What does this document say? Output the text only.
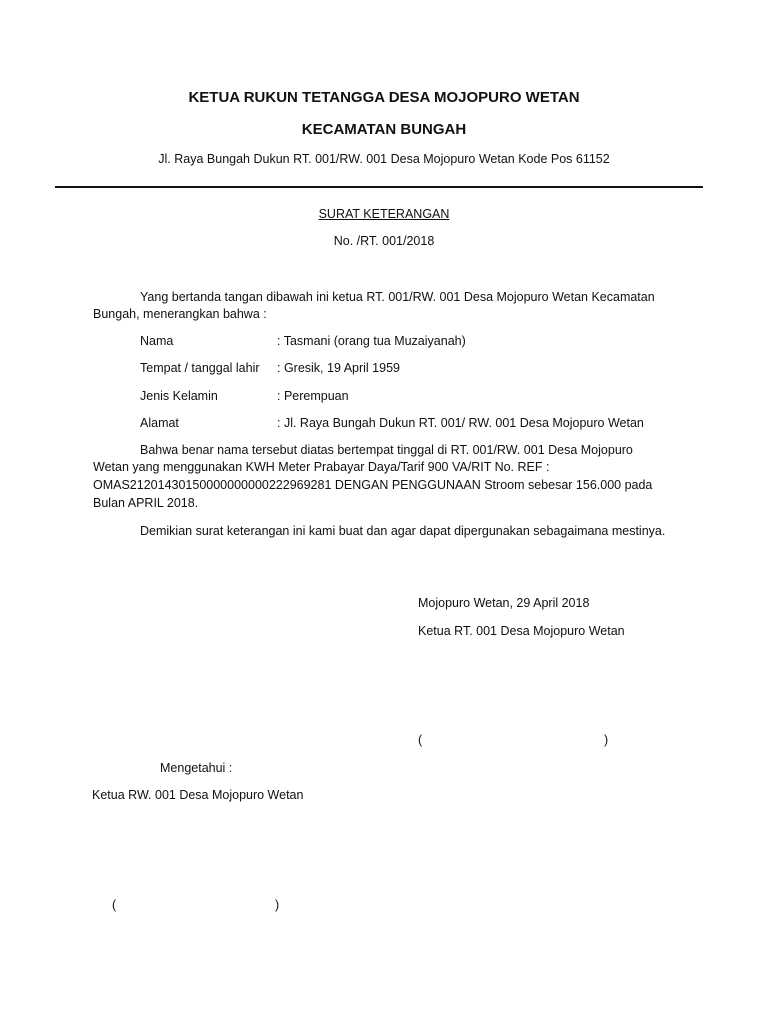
KETUA RUKUN TETANGGA DESA MOJOPURO WETAN
KECAMATAN BUNGAH
Jl. Raya Bungah Dukun RT. 001/RW. 001 Desa Mojopuro Wetan Kode Pos 61152
SURAT KETERANGAN
No. /RT. 001/2018
Yang bertanda tangan dibawah ini ketua RT. 001/RW. 001 Desa Mojopuro Wetan Kecamatan Bungah, menerangkan bahwa :
Nama	: Tasmani (orang tua Muzaiyanah)
Tempat / tanggal lahir : Gresik, 19 April 1959
Jenis Kelamin	: Perempuan
Alamat	: Jl. Raya Bungah Dukun RT. 001/ RW. 001 Desa Mojopuro Wetan
Bahwa benar nama tersebut diatas bertempat tinggal di RT. 001/RW. 001 Desa Mojopuro
Wetan yang menggunakan KWH Meter Prabayar Daya/Tarif 900 VA/RIT No. REF :
OMAS21201430150000000000222969281 DENGAN PENGGUNAAN Stroom sebesar 156.000 pada
Bulan APRIL 2018.
Demikian surat keterangan ini kami buat dan agar dapat dipergunakan sebagaimana mestinya.
Mojopuro Wetan, 29 April 2018
Ketua RT. 001 Desa Mojopuro Wetan
(	)
Mengetahui :
Ketua RW. 001 Desa Mojopuro Wetan
(	)
